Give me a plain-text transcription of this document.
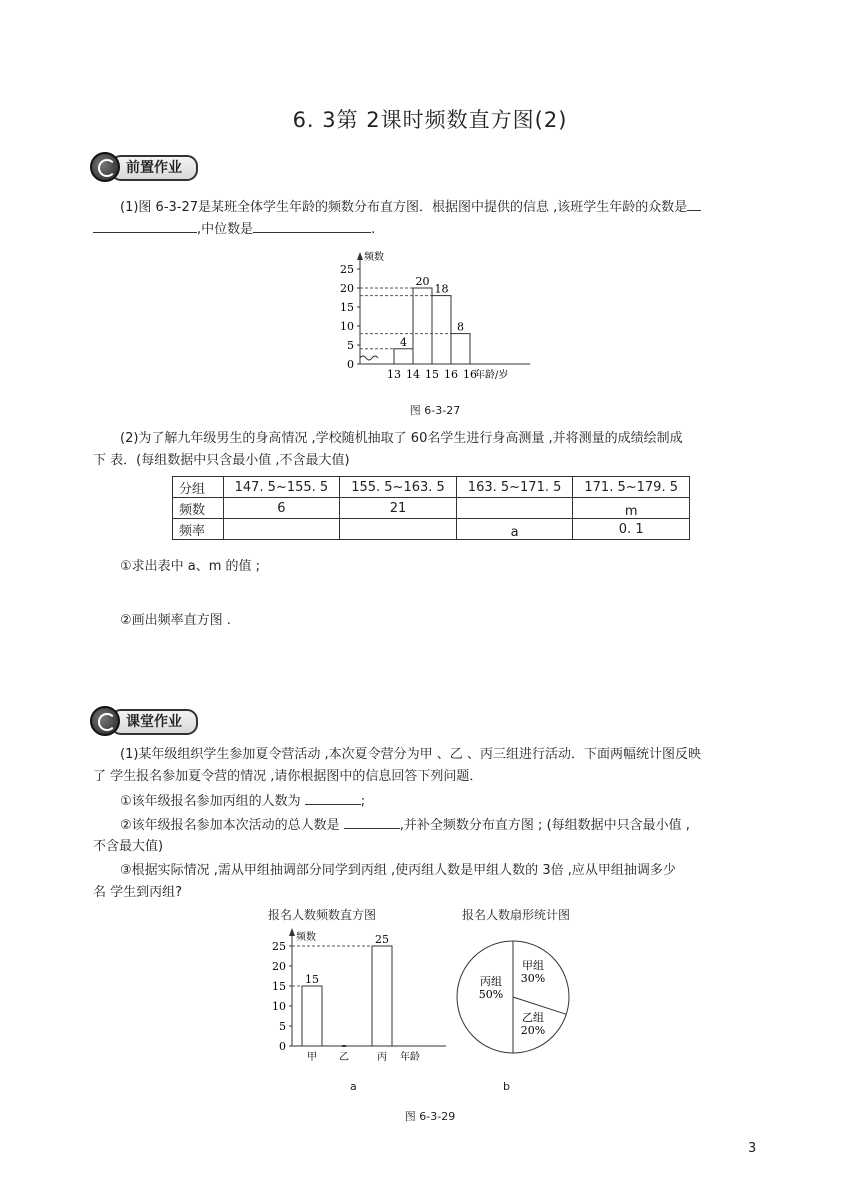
6. 3第 2课时频数直方图(2)
前置作业
(1)图 6-3-27是某班全体学生年龄的频数分布直方图．根据图中提供的信息 ,该班学生年龄的众数是
,中位数是	.
频数
年龄/岁
0
5
10
15
20
25
4
13
20
14
18
15
8
16 16
图 6-3-27
(2)为了解九年级男生的身高情况 ,学校随机抽取了 60名学生进行身高测量 ,并将测量的成绩绘制成
下 表．(每组数据中只含最小值 ,不含最大值)
分组	147. 5~155. 5	155. 5~163. 5	163. 5~171. 5	171. 5~179. 5
频数	6	21		m
频率			a	0. 1
①求出表中 a、m 的值 ;
②画出频率直方图 .
课堂作业
(1)某年级组织学生参加夏令营活动 ,本次夏令营分为甲 、乙 、丙三组进行活动．下面两幅统计图反映
了 学生报名参加夏令营的情况 ,请你根据图中的信息回答下列问题．
①该年级报名参加丙组的人数为	;
②该年级报名参加本次活动的总人数是	,并补全频数分布直方图 ; (每组数据中只含最小值 ,
不含最大值)
③根据实际情况 ,需从甲组抽调部分同学到丙组 ,使丙组人数是甲组人数的 3倍 ,应从甲组抽调多少
名 学生到丙组?
报名人数频数直方图	报名人数扇形统计图
频数
年龄
0
5
10
15
20
25
15
甲 乙
25
丙
甲组
30%
乙组
20%
丙组
50%
a	b
图 6-3-29
3
